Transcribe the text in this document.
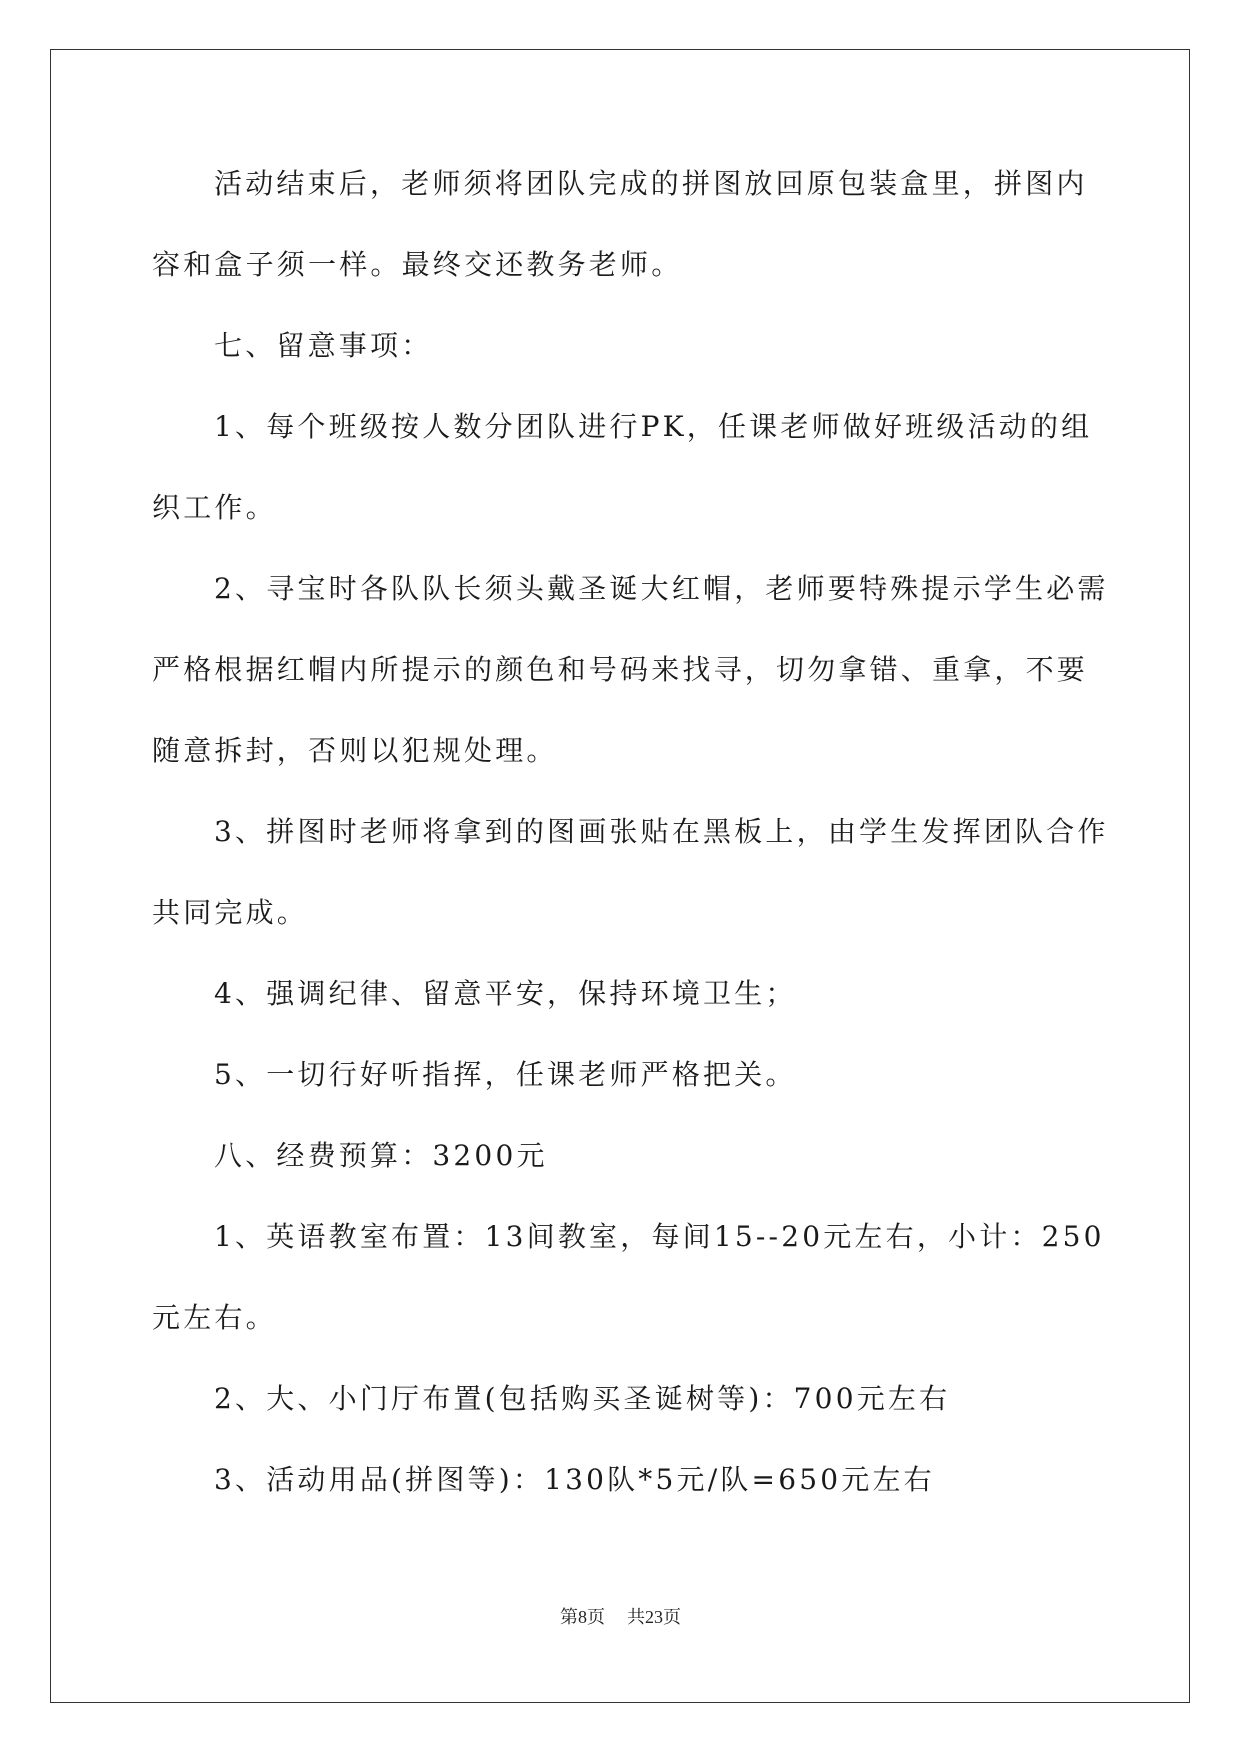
活动结束后，老师须将团队完成的拼图放回原包装盒里，拼图内
容和盒子须一样。最终交还教务老师。
七、留意事项：
1、每个班级按人数分团队进行PK，任课老师做好班级活动的组
织工作。
2、寻宝时各队队长须头戴圣诞大红帽，老师要特殊提示学生必需
严格根据红帽内所提示的颜色和号码来找寻，切勿拿错、重拿，不要
随意拆封，否则以犯规处理。
3、拼图时老师将拿到的图画张贴在黑板上，由学生发挥团队合作
共同完成。
4、强调纪律、留意平安，保持环境卫生；
5、一切行好听指挥，任课老师严格把关。
八、经费预算：3200元
1、英语教室布置：13间教室，每间15--20元左右，小计：250
元左右。
2、大、小门厅布置(包括购买圣诞树等)：700元左右
3、活动用品(拼图等)：130队*5元/队=650元左右
第8页 共23页
